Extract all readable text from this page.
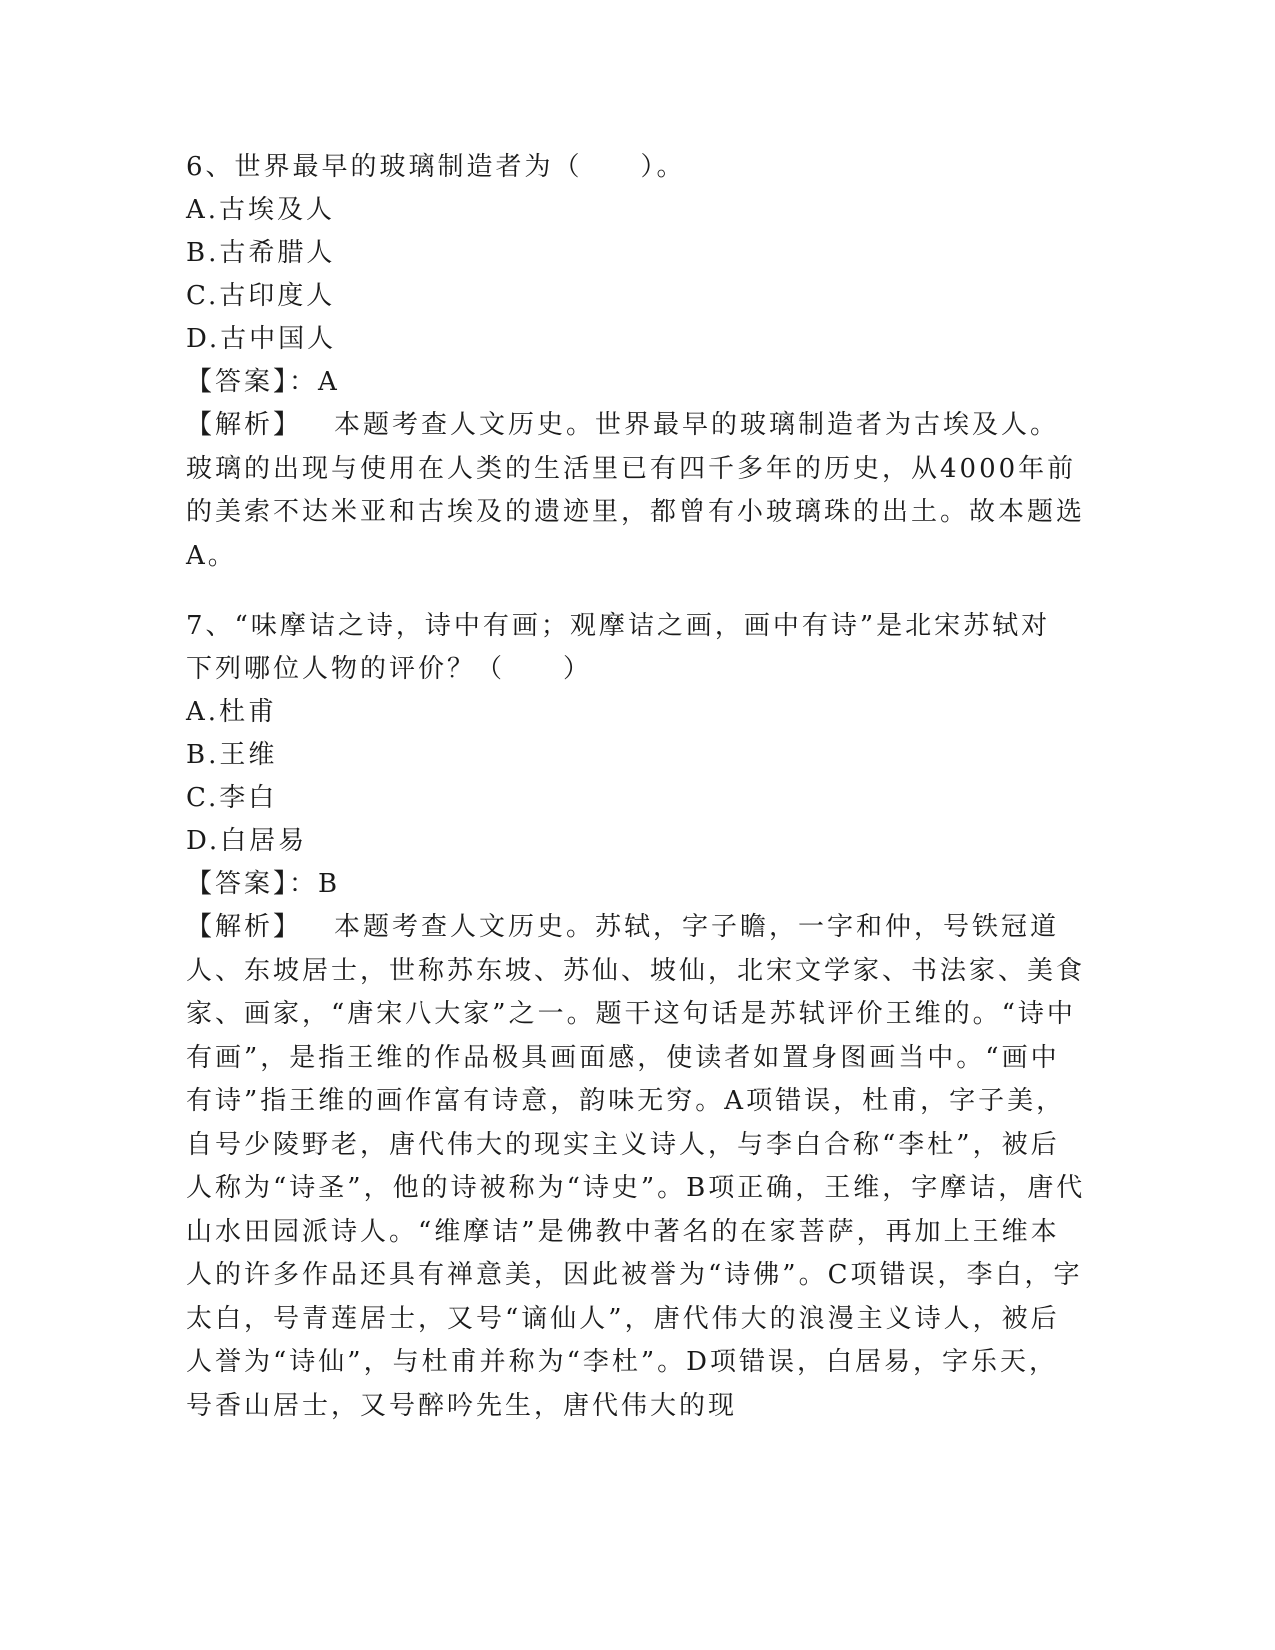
6、世界最早的玻璃制造者为（　　）。
A.古埃及人
B.古希腊人
C.古印度人
D.古中国人
【答案】：A
【解析】 本题考查人文历史。世界最早的玻璃制造者为古埃及人。玻璃的出现与使用在人类的生活里已有四千多年的历史，从4000年前的美索不达米亚和古埃及的遗迹里，都曾有小玻璃珠的出土。故本题选A。
7、“味摩诘之诗，诗中有画；观摩诘之画，画中有诗”是北宋苏轼对
下列哪位人物的评价？（　　）
A.杜甫
B.王维
C.李白
D.白居易
【答案】：B
【解析】 本题考查人文历史。苏轼，字子瞻，一字和仲，号铁冠道人、东坡居士，世称苏东坡、苏仙、坡仙，北宋文学家、书法家、美食家、画家，“唐宋八大家”之一。题干这句话是苏轼评价王维的。“诗中有画”，是指王维的作品极具画面感，使读者如置身图画当中。“画中有诗”指王维的画作富有诗意，韵味无穷。A项错误，杜甫，字子美，自号少陵野老，唐代伟大的现实主义诗人，与李白合称“李杜”，被后人称为“诗圣”，他的诗被称为“诗史”。B项正确，王维，字摩诘，唐代山水田园派诗人。“维摩诘”是佛教中著名的在家菩萨，再加上王维本人的许多作品还具有禅意美，因此被誉为“诗佛”。C项错误，李白，字太白，号青莲居士，又号“谪仙人”，唐代伟大的浪漫主义诗人，被后人誉为“诗仙”，与杜甫并称为“李杜”。D项错误，白居易，字乐天，号香山居士，又号醉吟先生，唐代伟大的现
